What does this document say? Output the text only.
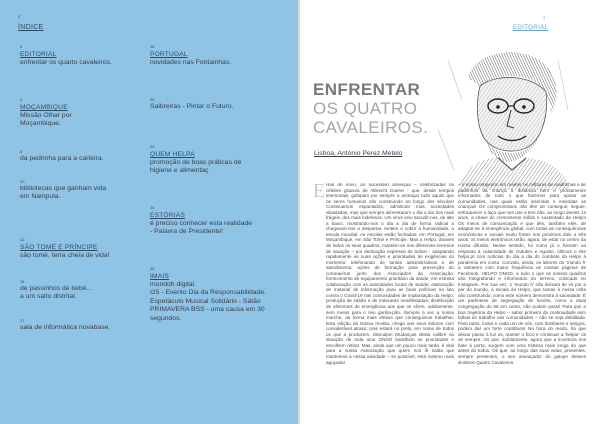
2
ÍNDICE
3
EDITORIAL
enfrentar os quarto cavaleiros.
4
MOÇAMBIQUE
Missão Olhar por
Moçambique.
6
da pedrinha para a carteira.
10
bibliotecas que ganham vida
em Nampula.
12
SÃO TOMÉ E PRÍNCIPE
são tomé, terra cheia de vida!
14
de passinhos de bebé...
a um salto distrital.
17
sala de informática novabase.
18
PORTUGAL
novidades nas Fontainhas.
20
Saibreiras - Pintar o Futuro.
22
QUEM HELPA
promoção de boas práticas de
higiene e alimentaç
24
ESTÓRIAS
é preciso conhecer esta realidade
- Palavra de Presidente!
26
IMAIS
mundoh digital.
I25 - Evento Dia da Responsabilidade.
Espetáculo Musical Solidário - Sátão
PRIMAVERA BSS - uma causa em 30
segundos.
3
EDITORIAL
ENFRENTAR
OS QUATRO
CAVALEIROS.
Lisboa, António Perez Metelo
E Has de novo, ao sucessivo ameaças – celebrizadas na célebre gravura de Albrecht Duerer - que, desde tempos imemoriais, galopam por sempre a ameaçar tudo aquilo que os seres humanos vão construindo ao longo dos séculos! Continuamos espantados, admitindo mas sociedades abastadas, mas que sempre alimentaram o dia a dia dos mais frágeis, dos mais indefesos. Um vírus veio sacudir-nos, de alto a baixo, mostrando-nos o dia a dia de forma radical a chegaram-nos a despertar, tentem e cobrir a humanidade, a escala mundial. As escolas estão fechadas: em Portugal, em Moçambique, em São Tomé e Príncipe. Mas a Helpo, através de todos os seus quadros, mantém-se nos diferentes terrenos de atuação – por dedicação expressa de todos! - adaptando rapidamente as suas ações e prioridades às exigências do momento: telefonando de tantas administrativas e de atendimento; ações de formação para prevenção do coronavírus junto dos Associados da Associação; fornecimento de equipamento prioritário da saúde, em estreita colaboração com as autoridades locais de Saúde; elaboração de material de informação para as boas políticas na luta contra o Covid-19 nas comunidades de implantação da Helpo; produção de sabão e de máscaras manifestadas; distribuição de alimentos de emergência aos que os vêem, subitamente, sem meios para o seu ganha-pão. Sempre a ver, a nossa marcha, da forma mais efetiva que conseguimos trabalhar. Esta edição da Nossa revista, chega aos seus leitores com considerável atraso; pois estará no prelo, em nome de todos os que a produzem, desculpe! Mudanças desta calibre na situação de toda uma ONGD baralham as prioridades e escolhem retirar. Mas, ainda que um pouco mais tarde, é vital para a nossa Associação que quem nos lê saiba que mantemos a nossa atividade – se possível, está mesmo mais aguçada!
– o nosso empenho em manter os milhares de madrinhas e de padrinhos da criança à distância bem e prontamente informados de tudo o que fazemos para apoiar as comunidades, nas quais estão inseridas e inseridas as crianças! Os compromissos não têm de conseguir, seguer, enfraquecer o laço que nos une a tem não, ao longo destes 12 anos, a chave do crescimento sólido e sustentado da Helpo! Os meios de comunicação é que têm, também eles, de adaptar-se à emergência global, com todas as consequências económicas e sociais muito fortes nos próximos dois a três anos: os meios eletrónicos terão, agora, de estar no centro da nossa difusão. Nesse sentido, fui como já o fizeram na resposta à calamidade de Outubro e Agosto, últimos o site helpo.pt com notícias do dia a dia do combate da Helpo à pandemia em curso. Convido, ainda, os leitores do 'mundo h' a visitarem com maior frequência as nossas páginas de Facebook, HELPO ONGD, a tudo o que os nossos quadros vão fotografando e informando do terreno, colocado no Instagram. Por sua vez, o 'mundo h' não deixará de vir por a par do mundo, à escala da Helpo, que tantas à nossa volta vão construindo, como este número demonstra à saciedade. É um parêntese de segregação de fundos, como a atual congregação do 85 em curso, não podem parar! Para que a boa trajetória da Helpo – sabor primeiro da continuidade sem falhas do trabalho nas comunidades – não se veja debilitada. Para tanto, todos e cada um de vós, com familiares e amigos, podem dar um forte contributo! Na hora do medo, há que deixar passo à luz os, manter o foco e continuar a 'helpar' os de sempre. Os que, subitamente, agora que a incerteza nos bate à porta, surgem com uma tristeza mais longa do que antes do todos. Os que, ao longo das suas vidas, presentes, sempre presentes, o seu ameaçador do galope desses sinistros Quatro Cavaleiros.
